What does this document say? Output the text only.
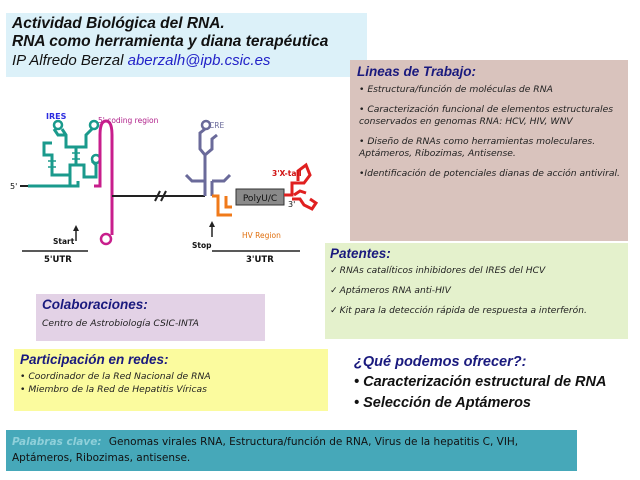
Actividad Biológica del RNA.
RNA como herramienta y diana terapéutica
IP Alfredo Berzal aberzalh@ipb.csic.es
PolyU/C
IRES	5' coding region
CRE
3'X-tail
HV Region
5'
3'
Start	Stop
5'UTR	3'UTR
Lineas de Trabajo:
• Estructura/función de moléculas de RNA
• Caracterización funcional de elementos estructurales conservados en genomas RNA: HCV, HIV, WNV
• Diseño de RNAs como herramientas moleculares. Aptámeros, Ribozimas, Antisense.
•Identificación de potenciales dianas de acción antiviral.
Patentes:
✓ RNAs catalíticos inhibidores del IRES del HCV
✓ Aptámeros RNA anti-HIV
✓ Kit para la detección rápida de respuesta a interferón.
Colaboraciones:
Centro de Astrobiología CSIC-INTA
Participación en redes:
• Coordinador de la Red Nacional de RNA
• Miembro de la Red de Hepatitis Víricas
¿Qué podemos ofrecer?:
• Caracterización estructural de RNA
• Selección de Aptámeros
Palabras clave: Genomas virales RNA, Estructura/función de RNA, Virus de la hepatitis C, VIH, Aptámeros, Ribozimas, antisense.
